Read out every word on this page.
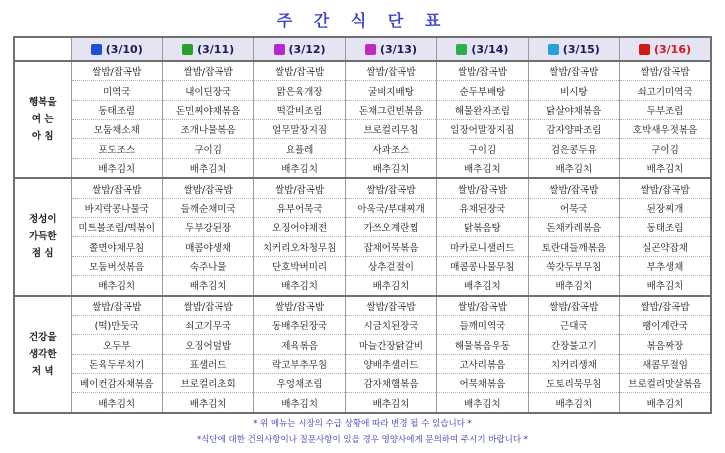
주 간 식 단 표
	(3/10)	(3/11)	(3/12)	(3/13)	(3/14)	(3/15)	(3/16)

행복을
여 는
아 침	쌀밥/잡곡밥	쌀밥/잡곡밥	쌀밥/잡곡밥	쌀밥/잡곡밥	쌀밥/잡곡밥	쌀밥/잡곡밥	쌀밥/잡곡밥
	미역국	내이딘장국	맑은육개장	굴비지배탕	순두부배탕	비시탕	쇠고기미역국
	동태조림	돈민찌야채볶음	떡갈비조림	돈채그린빈볶음	해물완자조림	닭살야채볶음	두부조림
	모둠채소채	조개나물볶음	얼무말장지짐	브로컬리무침	일장어말장지짐	감자양파조림	호박새우젓볶음
	포도조스	구이김	요플레	사과조스	구이김	검은콩두유	구이김
	배추김치	배추김치	배추김치	배추김치	배추김치	배추김치	배추김치

정성이
가득한
점 심	쌀밥/잡곡밥	쌀밥/잡곡밥	쌀밥/잡곡밥	쌀밥/잡곡밥	쌀밥/잡곡밥	쌀밥/잡곡밥	쌀밥/잡곡밥
	바지락콩나물국	들깨순채미국	유부어묵국	아욱국/부대찌개	유채된장국	어묵국	된장찌개
	미트볼조림/떡볶이	두부강된장	오징어야채전	가쓰오계란찜	닭볶음탕	돈채카레볶음	동태조림
	쫄면야채무침	매콤야생채	치커리오차청무침	잡채어묵볶음	마카로니샐러드	토란대들깨볶음	실곤약잡채
	모둠버섯볶음	숙주나물	단호박버미리	상추겉절이	매콤콩나물무침	쑥갓두부무침	부추생채
	배추김치	배추김치	배추김치	배추김치	배추김치	배추김치	배추김치

건강을
생각한
저 녁	쌀밥/잡곡밥	쌀밥/잡곡밥	쌀밥/잡곡밥	쌀밥/잡곡밥	쌀밥/잡곡밥	쌀밥/잡곡밥	쌀밥/잡곡밥
	(떡)만둣국	쇠고기무국	동배추된장국	시금치된장국	들깨미역국	근대국	팽이계란국
	오두부	오징어덮밥	제육볶음	마늘간장닭갈비	해물볶음우동	간장불고기	볶음짜장
	돈육두루치기	표샐러드	락고부추무침	양배추샐러드	고사리볶음	치커리생채	새콤무절임
	베이컨감자채볶음	브로컬리초회	우엉채조림	감자채햄볶음	어묵채볶음	도토리묵무침	브로컬리맛살볶음
	배추김치	배추김치	배추김치	배추김치	배추김치	배추김치	배추김치
* 위 메뉴는 시장의 수급 상황에 따라 변경 될 수 있습니다 *
*식단에 대한 건의사항이나 질문사항이 있을 경우 영양사에게 문의하여 주시기 바랍니다 *
